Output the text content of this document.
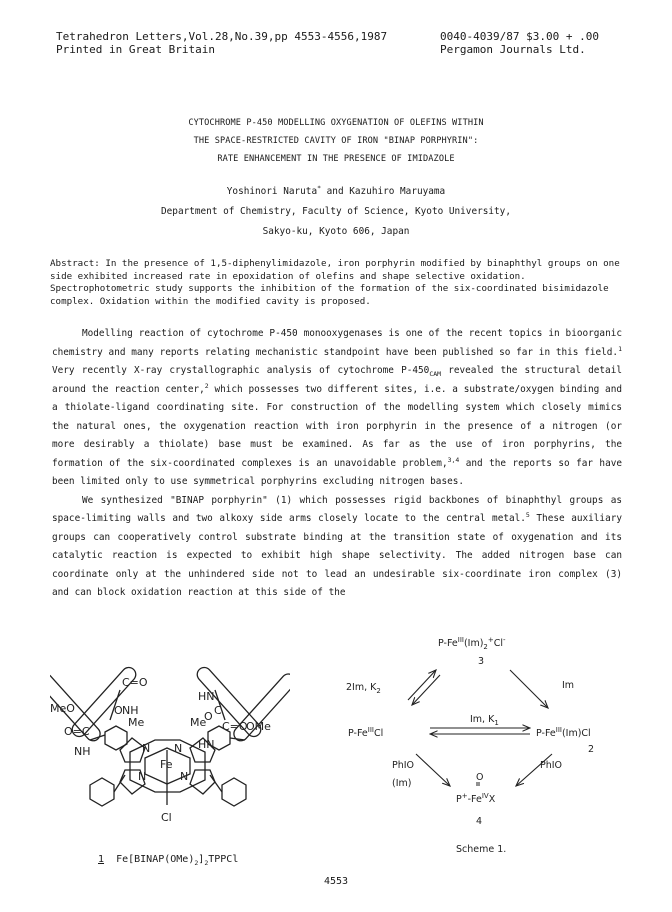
Tetrahedron Letters,Vol.28,No.39,pp 4553-4556,1987
Printed in Great Britain
0040-4039/87 $3.00 + .00
Pergamon Journals Ltd.
CYTOCHROME P-450 MODELLING OXYGENATION OF OLEFINS WITHIN
THE SPACE-RESTRICTED CAVITY OF IRON "BINAP PORPHYRIN":
RATE ENHANCEMENT IN THE PRESENCE OF IMIDAZOLE
Yoshinori Naruta* and Kazuhiro Maruyama
Department of Chemistry, Faculty of Science, Kyoto University,
Sakyo-ku, Kyoto 606, Japan
Abstract: In the presence of 1,5-diphenylimidazole, iron porphyrin modified by binaphthyl groups on one side exhibited increased rate in epoxidation of olefins and shape selective oxidation. Spectrophotometric study supports the inhibition of the formation of the six-coordinated bisimidazole complex. Oxidation within the modified cavity is proposed.

Modelling reaction of cytochrome P-450 monooxygenases is one of the recent topics in bioorganic chemistry and many reports relating mechanistic standpoint have been published so far in this field.$^1$ Very recently X-ray crystallographic analysis of cytochrome $P-450_{CAM}$ revealed the structural detail around the reaction center,$^2$ which possesses two different sites, i.e. a substrate/oxygen binding and a thiolate-ligand coordinating site. For construction of the modelling system which closely mimics the natural ones, the oxygenation reaction with iron porphyrin in the presence of a nitrogen (or more desirably a thiolate) base must be examined. As far as the use of iron porphyrins, the formation of the six-coordinated complexes is an unavoidable problem,$^{3,4}$ and the reports so far have been limited only to use symmetrical porphyrins excluding nitrogen bases.

We synthesized "BINAP porphyrin" (1) which possesses rigid backbones of binaphthyl groups as space-limiting walls and two alkoxy side arms closely locate to the central metal.$^5$ These auxiliary groups can cooperatively control substrate binding at the transition state of oxygenation and its catalytic reaction is expected to exhibit high shape selectivity. The added nitrogen base can coordinate only at the unhindered side not to lead an undesirable six-coordinate iron complex (3) and can block oxidation reaction at this side of the

MeO
C=O
O=C
NH
Me
N N
Fe
N	N
Cl
O NH
HN
C
O
Me C=O
OMe
HN
1 $Fe[BINAP(OMe)_2]_2TPPCl$
$P-Fe^{III}(Im)_2^+Cl^-$
3
2Im, $K_2$	Im
Im, $K_1$
$P-Fe^{III}Cl$	$P-Fe^{III}(Im)Cl$
2
PhIO
(Im)
PhIO
O
$P^+-Fe^{IV}X$
4
Scheme 1.
4553
